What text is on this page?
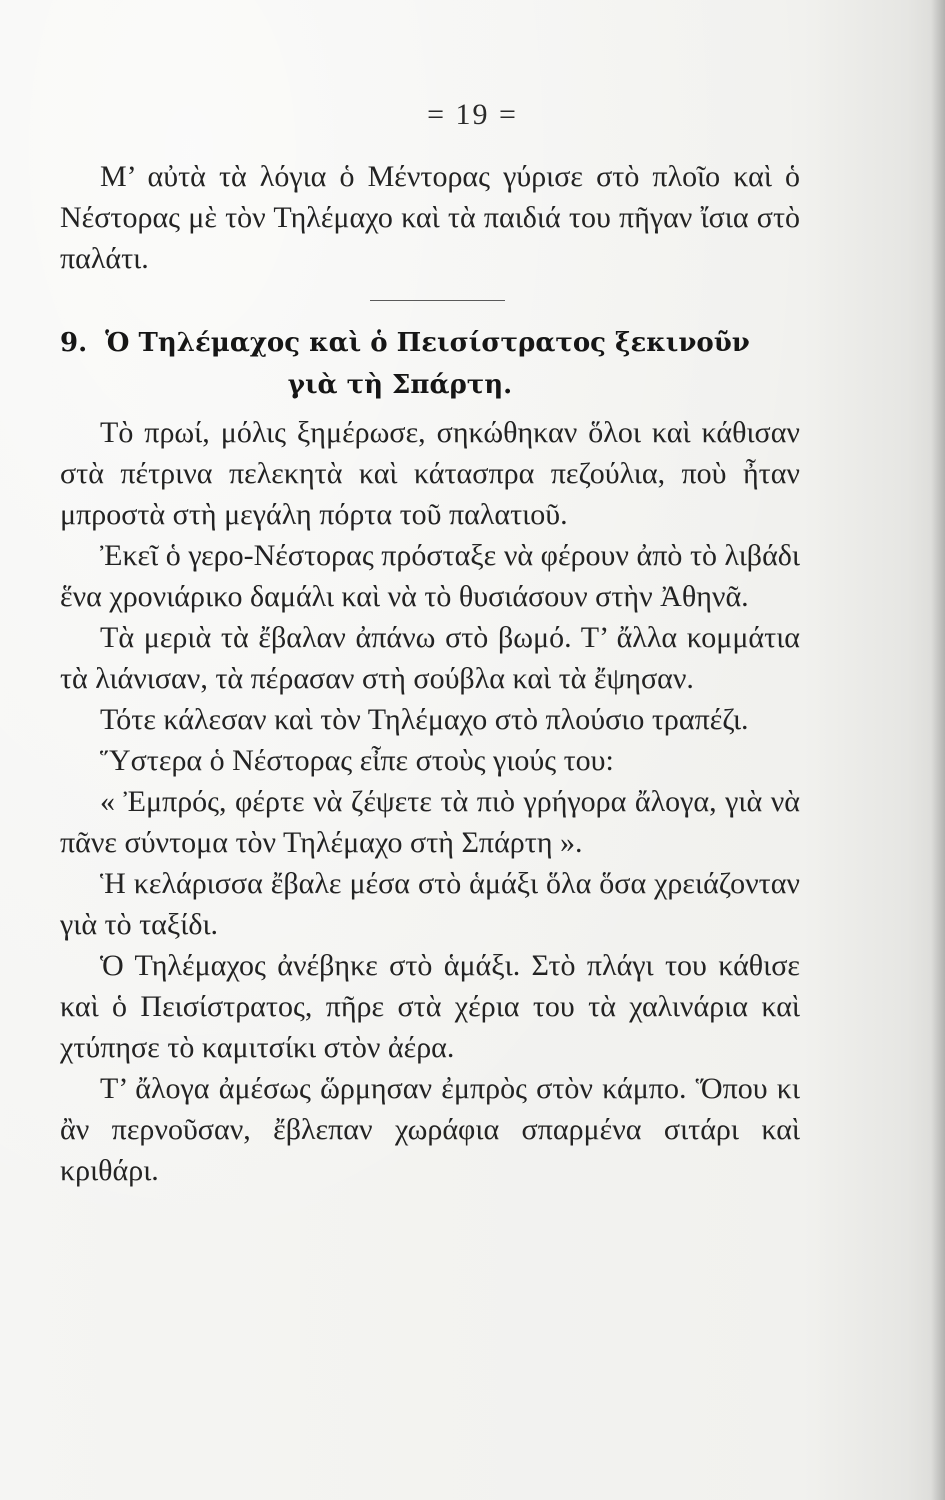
= 19 =

Μ’ αὐτὰ τὰ λόγια ὁ Μέντορας γύρισε στὸ πλοῖο καὶ ὁ Νέστορας μὲ τὸν Τηλέμαχο καὶ τὰ παιδιά του πῆγαν ἴσια στὸ παλάτι.

9. Ὁ Τηλέμαχος καὶ ὁ Πεισίστρατος ξεκινοῦν
γιὰ τὴ Σπάρτη.

Τὸ πρωί, μόλις ξημέρωσε, σηκώθηκαν ὅλοι καὶ κάθισαν στὰ πέτρινα πελεκητὰ καὶ κάτασπρα πεζούλια, ποὺ ἦταν μπροστὰ στὴ μεγάλη πόρτα τοῦ παλατιοῦ.

Ἐκεῖ ὁ γερο-Νέστορας πρόσταξε νὰ φέρουν ἀπὸ τὸ λιβάδι ἕνα χρονιάρικο δαμάλι καὶ νὰ τὸ θυσιάσουν στὴν Ἀθηνᾶ.

Τὰ μεριὰ τὰ ἔβαλαν ἀπάνω στὸ βωμό. Τ’ ἄλλα κομμάτια τὰ λιάνισαν, τὰ πέρασαν στὴ σούβλα καὶ τὰ ἔψησαν.

Τότε κάλεσαν καὶ τὸν Τηλέμαχο στὸ πλούσιο τραπέζι.

Ὕστερα ὁ Νέστορας εἶπε στοὺς γιούς του:

« Ἐμπρός, φέρτε νὰ ζέψετε τὰ πιὸ γρήγορα ἄλογα, γιὰ νὰ πᾶνε σύντομα τὸν Τηλέμαχο στὴ Σπάρτη ».

Ἡ κελάρισσα ἔβαλε μέσα στὸ ἁμάξι ὅλα ὅσα χρειάζονταν γιὰ τὸ ταξίδι.

Ὁ Τηλέμαχος ἀνέβηκε στὸ ἁμάξι. Στὸ πλάγι του κάθισε καὶ ὁ Πεισίστρατος, πῆρε στὰ χέρια του τὰ χαλινάρια καὶ χτύπησε τὸ καμιτσίκι στὸν ἀέρα.

Τ’ ἄλογα ἀμέσως ὥρμησαν ἐμπρὸς στὸν κάμπο. Ὅπου κι ἂν περνοῦσαν, ἔβλεπαν χωράφια σπαρμένα σιτάρι καὶ κριθάρι.
